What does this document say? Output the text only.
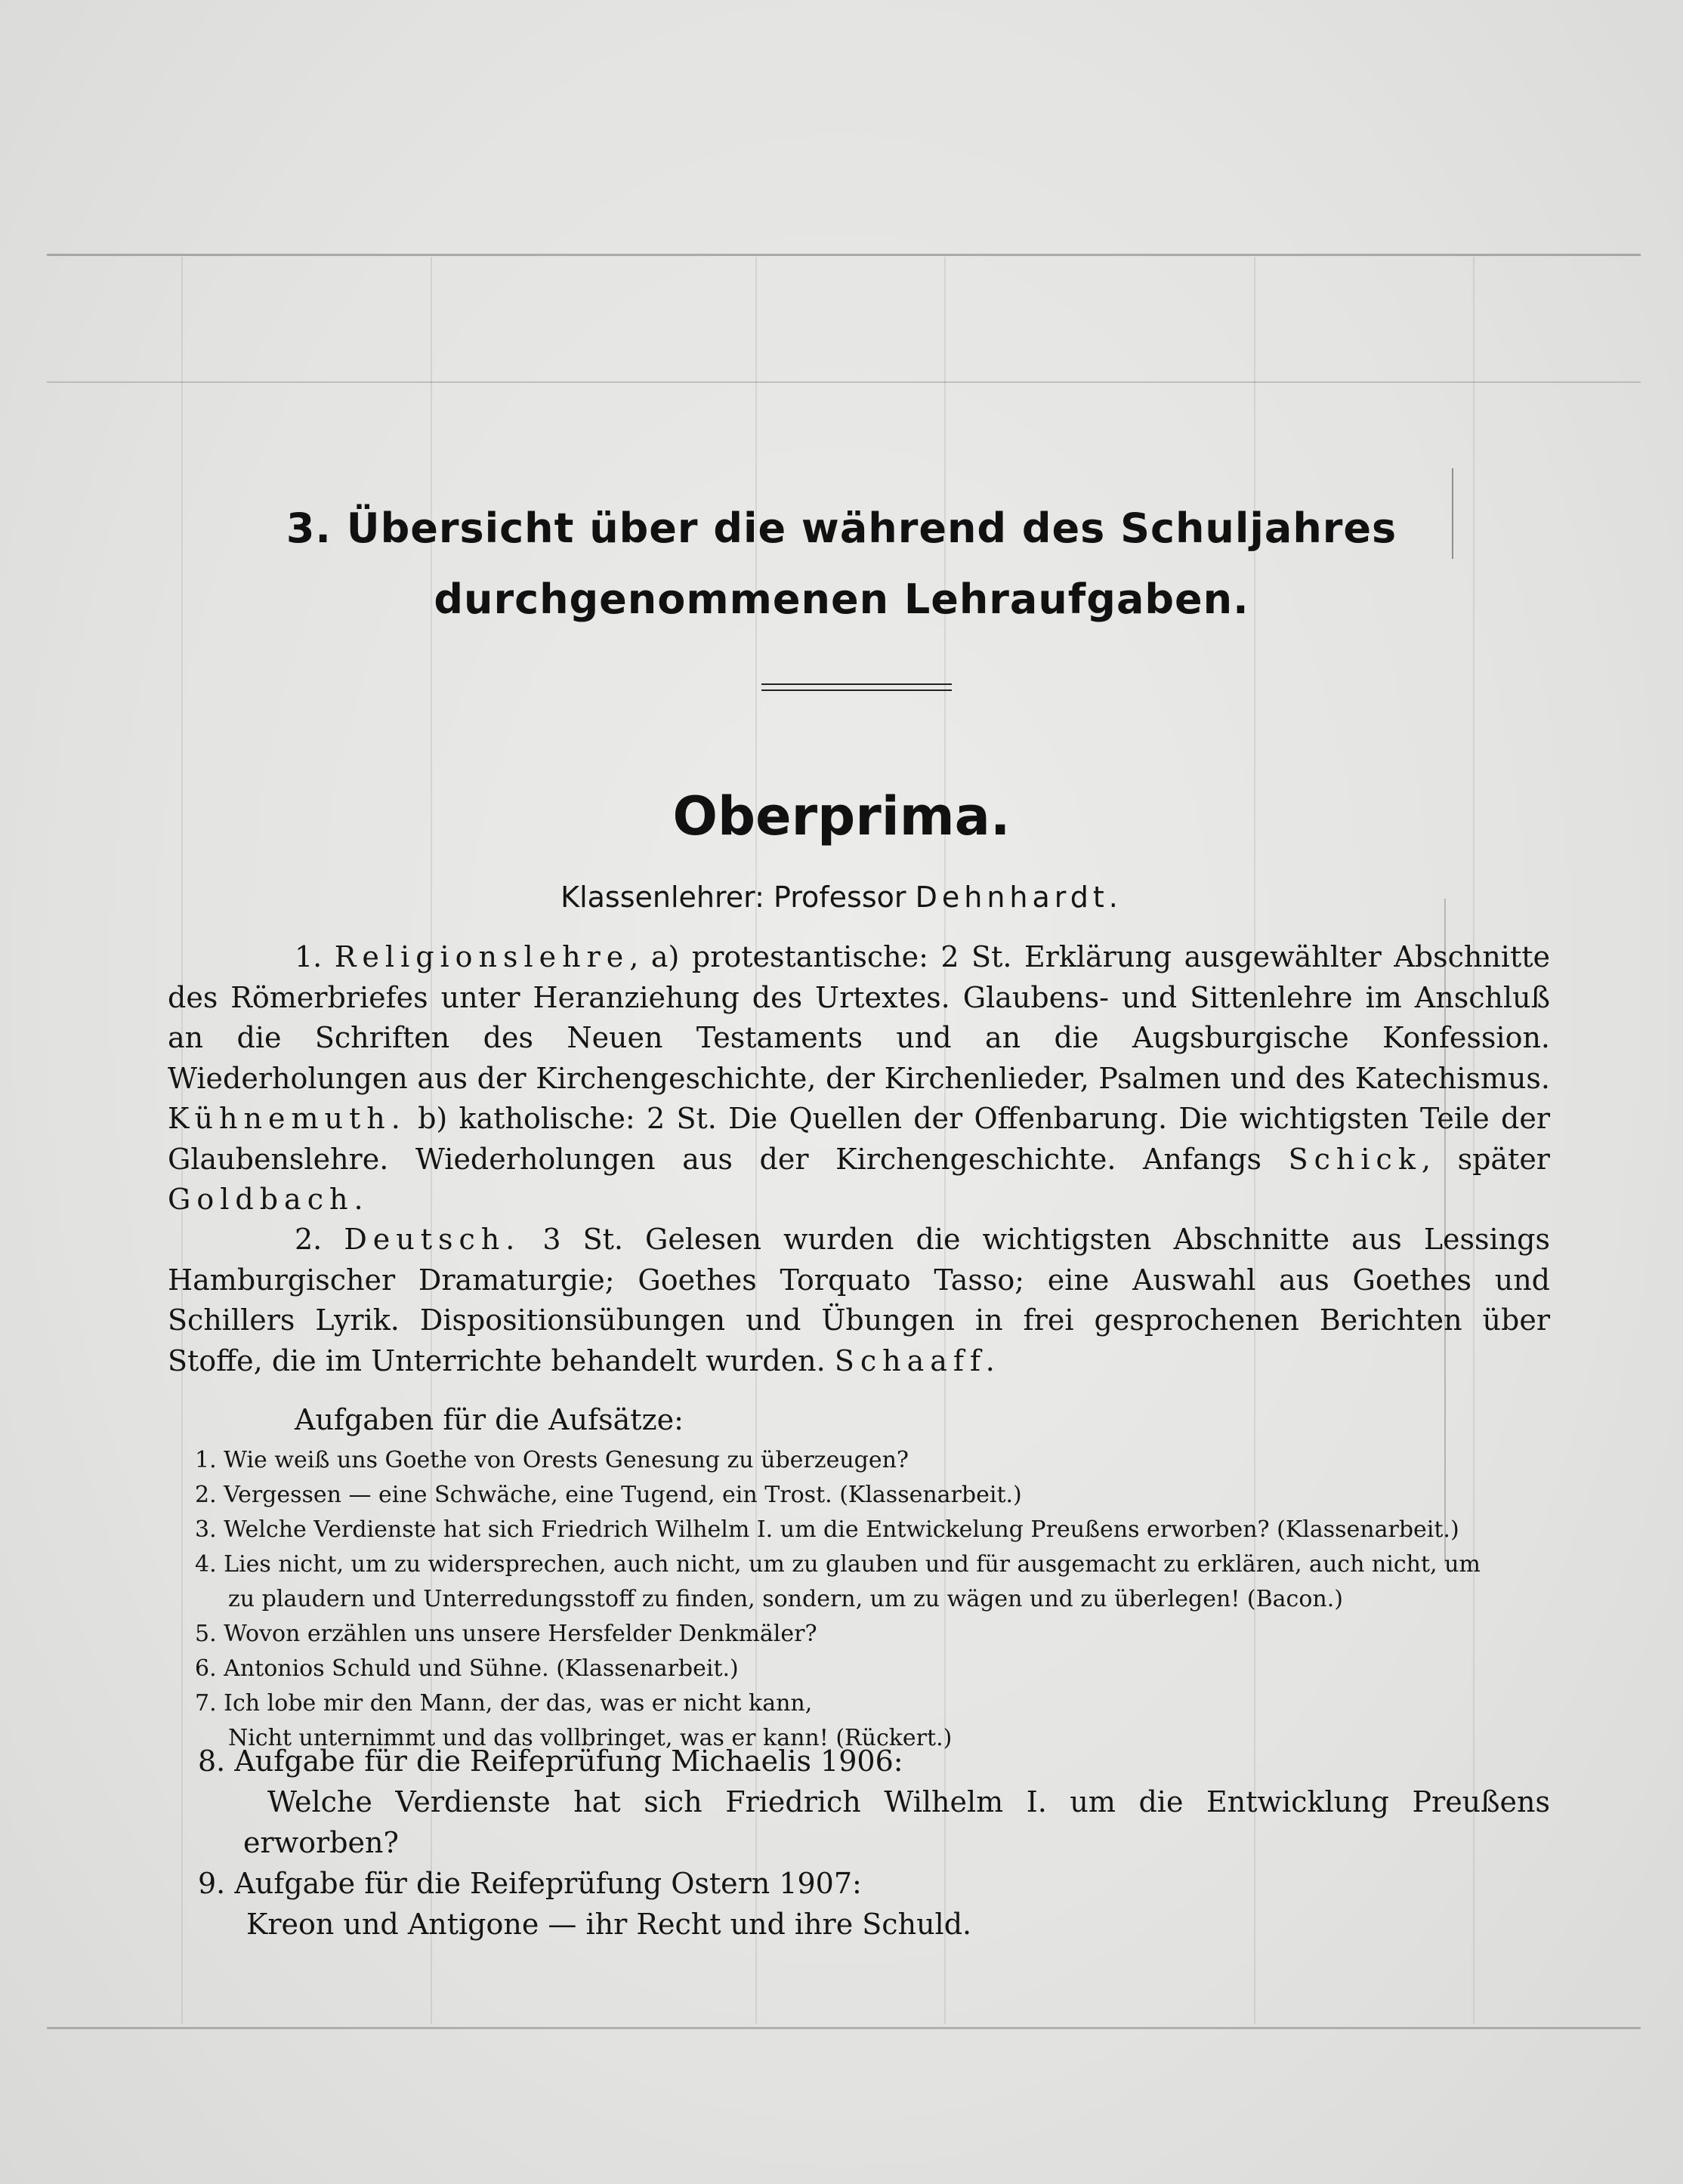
3. Übersicht über die während des Schuljahres
durchgenommenen Lehraufgaben.
Oberprima.
Klassenlehrer: Professor Dehnhardt.
1. Religionslehre, a) protestantische: 2 St. Erklärung ausgewählter Abschnitte des Römerbriefes unter Heranziehung des Urtextes. Glaubens- und Sittenlehre im Anschluß an die Schriften des Neuen Testaments und an die Augsburgische Konfession. Wiederholungen aus der Kirchengeschichte, der Kirchenlieder, Psalmen und des Katechismus. Kühnemuth. b) katholische: 2 St. Die Quellen der Offenbarung. Die wichtigsten Teile der Glaubenslehre. Wiederholungen aus der Kirchengeschichte. Anfangs Schick, später Goldbach.
2. Deutsch. 3 St. Gelesen wurden die wichtigsten Abschnitte aus Lessings Hamburgischer Dramaturgie; Goethes Torquato Tasso; eine Auswahl aus Goethes und Schillers Lyrik. Dispositionsübungen und Übungen in frei gesprochenen Berichten über Stoffe, die im Unterrichte behandelt wurden. Schaaff.
Aufgaben für die Aufsätze:
1. Wie weiß uns Goethe von Orests Genesung zu überzeugen?
2. Vergessen — eine Schwäche, eine Tugend, ein Trost. (Klassenarbeit.)
3. Welche Verdienste hat sich Friedrich Wilhelm I. um die Entwickelung Preußens erworben? (Klassenarbeit.)
4. Lies nicht, um zu widersprechen, auch nicht, um zu glauben und für ausgemacht zu erklären, auch nicht, um
zu plaudern und Unterredungsstoff zu finden, sondern, um zu wägen und zu überlegen! (Bacon.)
5. Wovon erzählen uns unsere Hersfelder Denkmäler?
6. Antonios Schuld und Sühne. (Klassenarbeit.)
7. Ich lobe mir den Mann, der das, was er nicht kann,
Nicht unternimmt und das vollbringet, was er kann! (Rückert.)
8. Aufgabe für die Reifeprüfung Michaelis 1906:
Welche Verdienste hat sich Friedrich Wilhelm I. um die Entwicklung Preußens
erworben?
9. Aufgabe für die Reifeprüfung Ostern 1907:
Kreon und Antigone — ihr Recht und ihre Schuld.
